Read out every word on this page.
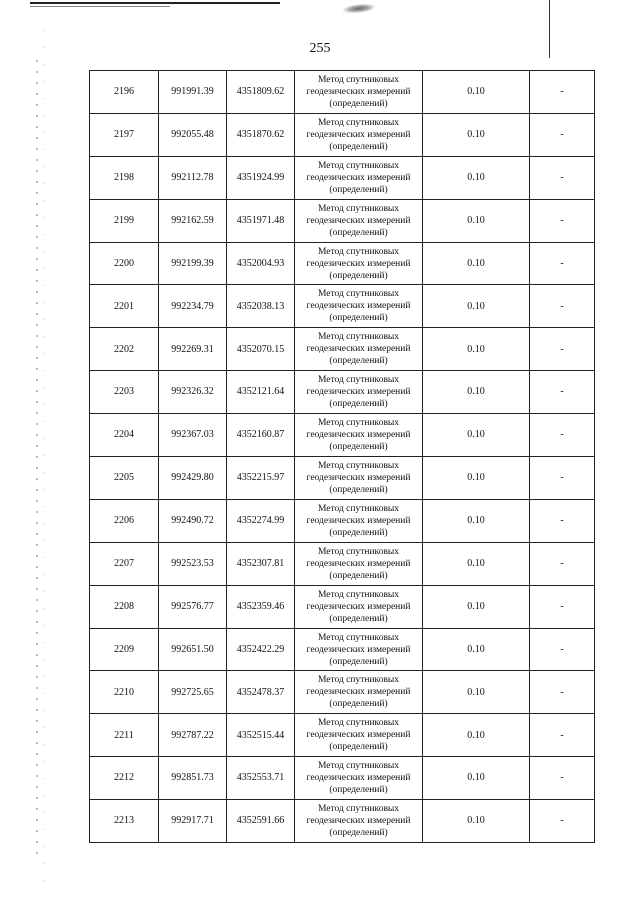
255
2196	991991.39	4351809.62	Метод спутниковых
геодезических измерений
(определений)	0.10	-
2197	992055.48	4351870.62	Метод спутниковых
геодезических измерений
(определений)	0.10	-
2198	992112.78	4351924.99	Метод спутниковых
геодезических измерений
(определений)	0.10	-
2199	992162.59	4351971.48	Метод спутниковых
геодезических измерений
(определений)	0.10	-
2200	992199.39	4352004.93	Метод спутниковых
геодезических измерений
(определений)	0.10	-
2201	992234.79	4352038.13	Метод спутниковых
геодезических измерений
(определений)	0.10	-
2202	992269.31	4352070.15	Метод спутниковых
геодезических измерений
(определений)	0.10	-
2203	992326.32	4352121.64	Метод спутниковых
геодезических измерений
(определений)	0.10	-
2204	992367.03	4352160.87	Метод спутниковых
геодезических измерений
(определений)	0.10	-
2205	992429.80	4352215.97	Метод спутниковых
геодезических измерений
(определений)	0.10	-
2206	992490.72	4352274.99	Метод спутниковых
геодезических измерений
(определений)	0.10	-
2207	992523.53	4352307.81	Метод спутниковых
геодезических измерений
(определений)	0.10	-
2208	992576.77	4352359.46	Метод спутниковых
геодезических измерений
(определений)	0.10	-
2209	992651.50	4352422.29	Метод спутниковых
геодезических измерений
(определений)	0.10	-
2210	992725.65	4352478.37	Метод спутниковых
геодезических измерений
(определений)	0.10	-
2211	992787.22	4352515.44	Метод спутниковых
геодезических измерений
(определений)	0.10	-
2212	992851.73	4352553.71	Метод спутниковых
геодезических измерений
(определений)	0.10	-
2213	992917.71	4352591.66	Метод спутниковых
геодезических измерений
(определений)	0.10	-
